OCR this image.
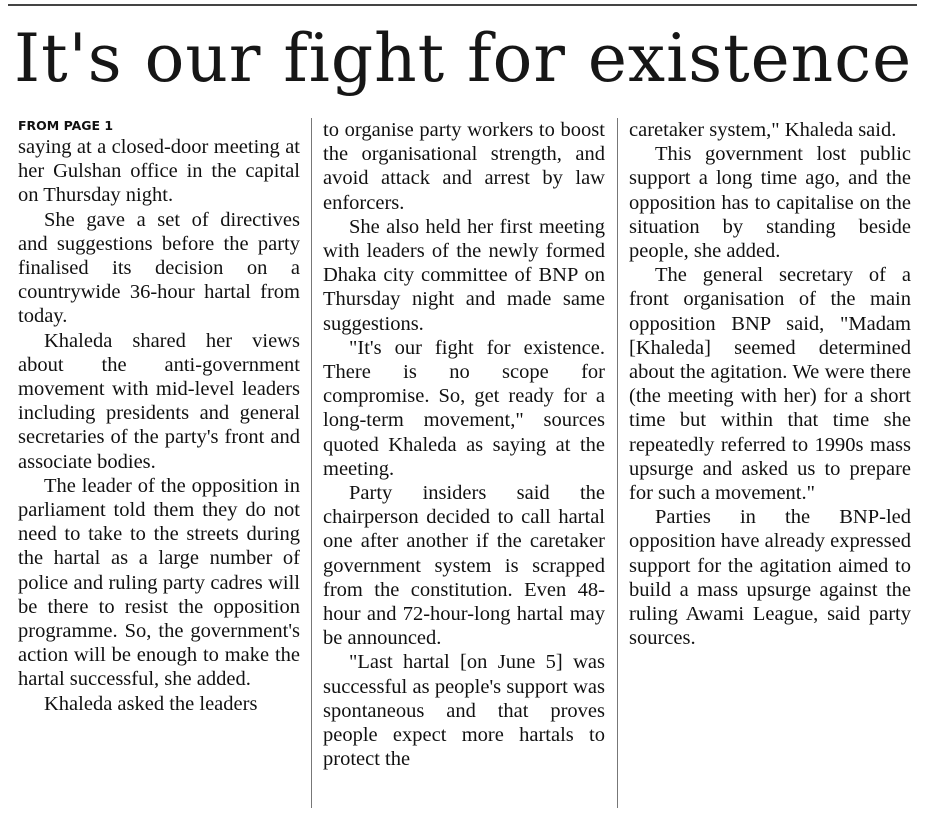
It's our fight for existence
FROM PAGE 1

saying at a closed-door meeting at her Gulshan office in the capital on Thursday night.

She gave a set of directives and suggestions before the party finalised its decision on a countrywide 36-hour hartal from today.

Khaleda shared her views about the anti-government movement with mid-level leaders including presidents and general secretaries of the party's front and associate bodies.

The leader of the opposition in parliament told them they do not need to take to the streets during the hartal as a large number of police and ruling party cadres will be there to resist the opposition programme. So, the government's action will be enough to make the hartal successful, she added.

Khaleda asked the leaders

to organise party workers to boost the organisational strength, and avoid attack and arrest by law enforcers.

She also held her first meeting with leaders of the newly formed Dhaka city committee of BNP on Thursday night and made same suggestions.

"It's our fight for existence. There is no scope for compromise. So, get ready for a long-term movement," sources quoted Khaleda as saying at the meeting.

Party insiders said the chairperson decided to call hartal one after another if the caretaker government system is scrapped from the constitution. Even 48-hour and 72-hour-long hartal may be announced.

"Last hartal [on June 5] was successful as people's support was spontaneous and that proves people expect more hartals to protect the

caretaker system," Khaleda said.

This government lost public support a long time ago, and the opposition has to capitalise on the situation by standing beside people, she added.

The general secretary of a front organisation of the main opposition BNP said, "Madam [Khaleda] seemed determined about the agitation. We were there (the meeting with her) for a short time but within that time she repeatedly referred to 1990s mass upsurge and asked us to prepare for such a movement."

Parties in the BNP-led opposition have already expressed support for the agitation aimed to build a mass upsurge against the ruling Awami League, said party sources.
